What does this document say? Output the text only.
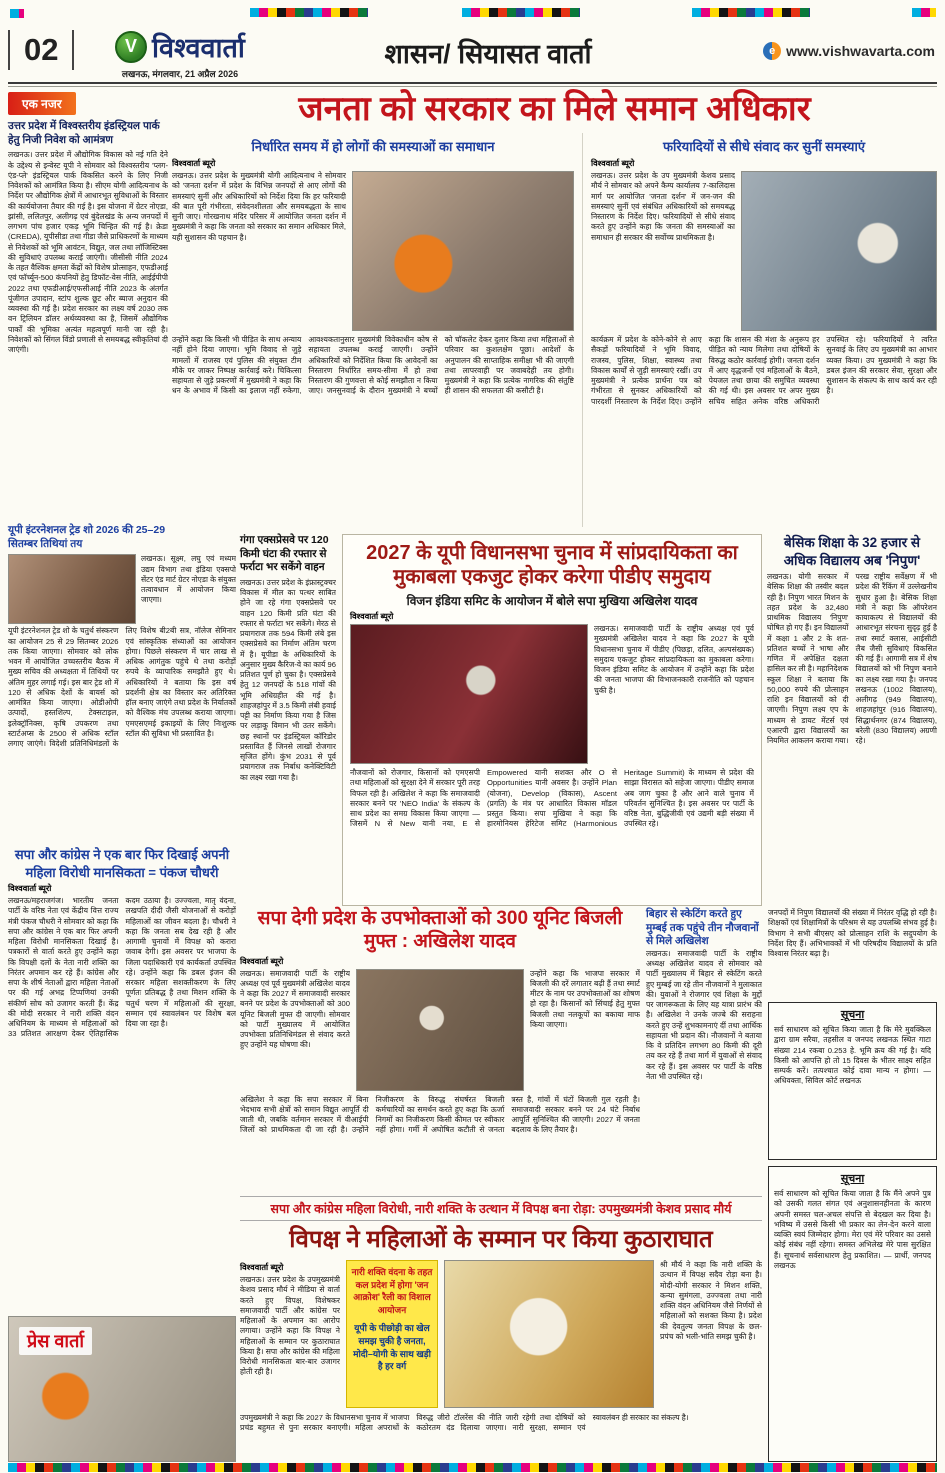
02	V विश्ववार्ता
लखनऊ, मंगलवार, 21 अप्रैल 2026
शासन/ सियासत वार्ता	e www.vishwavarta.com
एक नजर
उत्तर प्रदेश में विश्वस्तरीय इंडस्ट्रियल पार्क हेतु निजी निवेश को आमंत्रण
लखनऊ। उत्तर प्रदेश में औद्योगिक विकास को नई गति देने के उद्देश्य से इन्वेस्ट यूपी ने सोमवार को विश्वस्तरीय 'प्लग-एंड-प्ले' इंडस्ट्रियल पार्क विकसित करने के लिए निजी निवेशकों को आमंत्रित किया है। सीएम योगी आदित्यनाथ के निर्देश पर औद्योगिक क्षेत्रों में आधारभूत सुविधाओं के विस्तार की कार्ययोजना तैयार की गई है। इस योजना में ग्रेटर नोएडा, झांसी, ललितपुर, अलीगढ़ एवं बुंदेलखंड के अन्य जनपदों में लगभग पांच हजार एकड़ भूमि चिन्हित की गई है। क्रेडा (CREDA), यूपीसीडा तथा गीडा जैसे प्राधिकरणों के माध्यम से निवेशकों को भूमि आवंटन, विद्युत, जल तथा लॉजिस्टिक्स की सुविधाएं उपलब्ध कराई जाएंगी। जीसीसी नीति 2024 के तहत वैश्विक क्षमता केंद्रों को विशेष प्रोत्साहन, एफडीआई एवं फॉर्च्यून-500 कंपनियों हेतु डिफॉट-वेस नीति, आईईपीपी 2022 तथा एफडीआई/एफसीआई नीति 2023 के अंतर्गत पूंजीगत उपादान, स्टांप शुल्क छूट और ब्याज अनुदान की व्यवस्था की गई है। प्रदेश सरकार का लक्ष्य वर्ष 2030 तक वन ट्रिलियन डॉलर अर्थव्यवस्था का है, जिसमें औद्योगिक पार्कों की भूमिका अत्यंत महत्वपूर्ण मानी जा रही है। निवेशकों को सिंगल विंडो प्रणाली से समयबद्ध स्वीकृतियां दी जाएंगी।
यूपी इंटरनेशनल ट्रेड शो 2026 की 25–29 सितम्बर तिथियां तय
लखनऊ। सूक्ष्म, लघु एवं मध्यम उद्यम विभाग तथा इंडिया एक्सपो सेंटर एंड मार्ट ग्रेटर नोएडा के संयुक्त तत्वावधान में आयोजन किया जाएगा।
यूपी इंटरनेशनल ट्रेड शो के चतुर्थ संस्करण का आयोजन 25 से 29 सितम्बर 2026 तक किया जाएगा। सोमवार को लोक भवन में आयोजित उच्चस्तरीय बैठक में मुख्य सचिव की अध्यक्षता में तिथियों पर अंतिम मुहर लगाई गई। इस बार ट्रेड शो में 120 से अधिक देशों के बायर्स को आमंत्रित किया जाएगा। ओडीओपी उत्पादों, हस्तशिल्प, टेक्सटाइल, इलेक्ट्रॉनिक्स, कृषि उपकरण तथा स्टार्टअप्स के 2500 से अधिक स्टॉल लगाए जाएंगे। विदेशी प्रतिनिधिमंडलों के लिए विशेष बी2बी सत्र, नॉलेज सेमिनार एवं सांस्कृतिक संध्याओं का आयोजन होगा। पिछले संस्करण में चार लाख से अधिक आगंतुक पहुंचे थे तथा करोड़ों रुपये के व्यापारिक समझौते हुए थे। अधिकारियों ने बताया कि इस वर्ष प्रदर्शनी क्षेत्र का विस्तार कर अतिरिक्त हॉल बनाए जाएंगे तथा प्रदेश के निर्यातकों को वैश्विक मंच उपलब्ध कराया जाएगा। एमएसएमई इकाइयों के लिए निःशुल्क स्टॉल की सुविधा भी प्रस्तावित है।
जनता को सरकार का मिले समान अधिकार
निर्धारित समय में हो लोगों की समस्याओं का समाधान
विश्ववार्ता ब्यूरो
लखनऊ। उत्तर प्रदेश के मुख्यमंत्री योगी आदित्यनाथ ने सोमवार को 'जनता दर्शन' में प्रदेश के विभिन्न जनपदों से आए लोगों की समस्याएं सुनीं और अधिकारियों को निर्देश दिया कि हर फरियादी की बात पूरी गंभीरता, संवेदनशीलता और समयबद्धता के साथ सुनी जाए। गोरखनाथ मंदिर परिसर में आयोजित जनता दर्शन में मुख्यमंत्री ने कहा कि जनता को सरकार का समान अधिकार मिले, यही सुशासन की पहचान है।
उन्होंने कहा कि किसी भी पीड़ित के साथ अन्याय नहीं होने दिया जाएगा। भूमि विवाद से जुड़े मामलों में राजस्व एवं पुलिस की संयुक्त टीम मौके पर जाकर निष्पक्ष कार्रवाई करे। चिकित्सा सहायता से जुड़े प्रकरणों में मुख्यमंत्री ने कहा कि धन के अभाव में किसी का इलाज नहीं रुकेगा, आवश्यकतानुसार मुख्यमंत्री विवेकाधीन कोष से सहायता उपलब्ध कराई जाएगी। उन्होंने अधिकारियों को निर्देशित किया कि आवेदनों का निस्तारण निर्धारित समय-सीमा में हो तथा निस्तारण की गुणवत्ता से कोई समझौता न किया जाए। जनसुनवाई के दौरान मुख्यमंत्री ने बच्चों को चॉकलेट देकर दुलार किया तथा महिलाओं से परिवार का कुशलक्षेम पूछा। आदेशों के अनुपालन की साप्ताहिक समीक्षा भी की जाएगी तथा लापरवाही पर जवाबदेही तय होगी। मुख्यमंत्री ने कहा कि प्रत्येक नागरिक की संतुष्टि ही शासन की सफलता की कसौटी है।
फरियादियों से सीधे संवाद कर सुनीं समस्याएं
विश्ववार्ता ब्यूरो
लखनऊ। उत्तर प्रदेश के उप मुख्यमंत्री केशव प्रसाद मौर्य ने सोमवार को अपने कैम्प कार्यालय 7-कालिदास मार्ग पर आयोजित 'जनता दर्शन' में जन-जन की समस्याएं सुनीं एवं संबंधित अधिकारियों को समयबद्ध निस्तारण के निर्देश दिए। फरियादियों से सीधे संवाद करते हुए उन्होंने कहा कि जनता की समस्याओं का समाधान ही सरकार की सर्वोच्च प्राथमिकता है।
कार्यक्रम में प्रदेश के कोने-कोने से आए सैकड़ों फरियादियों ने भूमि विवाद, राजस्व, पुलिस, शिक्षा, स्वास्थ्य तथा विकास कार्यों से जुड़ी समस्याएं रखीं। उप मुख्यमंत्री ने प्रत्येक प्रार्थना पत्र को गंभीरता से सुनकर अधिकारियों को पारदर्शी निस्तारण के निर्देश दिए। उन्होंने कहा कि शासन की मंशा के अनुरूप हर पीड़ित को न्याय मिलेगा तथा दोषियों के विरुद्ध कठोर कार्रवाई होगी। जनता दर्शन में आए वृद्धजनों एवं महिलाओं के बैठने, पेयजल तथा छाया की समुचित व्यवस्था की गई थी। इस अवसर पर अपर मुख्य सचिव सहित अनेक वरिष्ठ अधिकारी उपस्थित रहे। फरियादियों ने त्वरित सुनवाई के लिए उप मुख्यमंत्री का आभार व्यक्त किया। उप मुख्यमंत्री ने कहा कि डबल इंजन की सरकार सेवा, सुरक्षा और सुशासन के संकल्प के साथ कार्य कर रही है।
गंगा एक्सप्रेसवे पर 120 किमी घंटा की रफ्तार से फर्राटा भर सकेंगे वाहन
लखनऊ। उत्तर प्रदेश के इंफ्रास्ट्रक्चर विकास में मील का पत्थर साबित होने जा रहे गंगा एक्सप्रेसवे पर वाहन 120 किमी प्रति घंटा की रफ्तार से फर्राटा भर सकेंगे। मेरठ से प्रयागराज तक 594 किमी लंबे इस एक्सप्रेसवे का निर्माण अंतिम चरण में है। यूपीडा के अधिकारियों के अनुसार मुख्य कैरिज-वे का कार्य 96 प्रतिशत पूर्ण हो चुका है। एक्सप्रेसवे हेतु 12 जनपदों के 518 गांवों की भूमि अधिग्रहीत की गई है। शाहजहांपुर में 3.5 किमी लंबी हवाई पट्टी का निर्माण किया गया है जिस पर लड़ाकू विमान भी उतर सकेंगे। छह स्थानों पर इंडस्ट्रियल कॉरिडोर प्रस्तावित हैं जिनसे लाखों रोजगार सृजित होंगे। कुंभ 2031 से पूर्व प्रयागराज तक निर्बाध कनेक्टिविटी का लक्ष्य रखा गया है।
2027 के यूपी विधानसभा चुनाव में सांप्रदायिकता का मुकाबला एकजुट होकर करेगा पीडीए समुदाय
विजन इंडिया समिट के आयोजन में बोले सपा मुखिया अखिलेश यादव
विश्ववार्ता ब्यूरो
लखनऊ। समाजवादी पार्टी के राष्ट्रीय अध्यक्ष एवं पूर्व मुख्यमंत्री अखिलेश यादव ने कहा कि 2027 के यूपी विधानसभा चुनाव में पीडीए (पिछड़ा, दलित, अल्पसंख्यक) समुदाय एकजुट होकर सांप्रदायिकता का मुकाबला करेगा। विजन इंडिया समिट के आयोजन में उन्होंने कहा कि प्रदेश की जनता भाजपा की विभाजनकारी राजनीति को पहचान चुकी है।
नौजवानों को रोजगार, किसानों को एमएसपी तथा महिलाओं को सुरक्षा देने में सरकार पूरी तरह विफल रही है। अखिलेश ने कहा कि समाजवादी सरकार बनने पर 'NEO India' के संकल्प के साथ प्रदेश का समग्र विकास किया जाएगा — जिसमें N से New यानी नया, E से Empowered यानी सशक्त और O से Opportunities यानी अवसर है। उन्होंने Plan (योजना), Develop (विकास), Ascent (प्रगति) के मंत्र पर आधारित विकास मॉडल प्रस्तुत किया। सपा मुखिया ने कहा कि हारमोनियस हेरिटेज समिट (Harmonious Heritage Summit) के माध्यम से प्रदेश की साझा विरासत को सहेजा जाएगा। पीडीए समाज अब जाग चुका है और आने वाले चुनाव में परिवर्तन सुनिश्चित है। इस अवसर पर पार्टी के वरिष्ठ नेता, बुद्धिजीवी एवं उद्यमी बड़ी संख्या में उपस्थित रहे।
बेसिक शिक्षा के 32 हजार से अधिक विद्यालय अब 'निपुण'
लखनऊ। योगी सरकार में बेसिक शिक्षा की तस्वीर बदल रही है। निपुण भारत मिशन के तहत प्रदेश के 32,480 प्राथमिक विद्यालय 'निपुण' घोषित हो गए हैं। इन विद्यालयों में कक्षा 1 और 2 के शत-प्रतिशत बच्चों ने भाषा और गणित में अपेक्षित दक्षता हासिल कर ली है। महानिदेशक स्कूल शिक्षा ने बताया कि 50,000 रुपये की प्रोत्साहन राशि इन विद्यालयों को दी जाएगी। निपुण लक्ष्य एप के माध्यम से डायट मेंटर्स एवं एआरपी द्वारा विद्यालयों का नियमित आकलन कराया गया। परख राष्ट्रीय सर्वेक्षण में भी प्रदेश की रैंकिंग में उल्लेखनीय सुधार हुआ है। बेसिक शिक्षा मंत्री ने कहा कि ऑपरेशन कायाकल्प से विद्यालयों की आधारभूत संरचना सुदृढ़ हुई है तथा स्मार्ट क्लास, आईसीटी लैब जैसी सुविधाएं विकसित की गई हैं। आगामी सत्र में शेष विद्यालयों को भी निपुण बनाने का लक्ष्य रखा गया है। जनपद लखनऊ (1002 विद्यालय), अलीगढ़ (949 विद्यालय), शाहजहांपुर (916 विद्यालय), सिद्धार्थनगर (874 विद्यालय), बरेली (830 विद्यालय) अग्रणी रहे।
सपा और कांग्रेस ने एक बार फिर दिखाई अपनी महिला विरोधी मानसिकता = पंकज चौधरी
विश्ववार्ता ब्यूरो
लखनऊ/महराजगंज। भारतीय जनता पार्टी के वरिष्ठ नेता एवं केंद्रीय वित्त राज्य मंत्री पंकज चौधरी ने सोमवार को कहा कि सपा और कांग्रेस ने एक बार फिर अपनी महिला विरोधी मानसिकता दिखाई है। पत्रकारों से वार्ता करते हुए उन्होंने कहा कि विपक्षी दलों के नेता नारी शक्ति का निरंतर अपमान कर रहे हैं। कांग्रेस और सपा के शीर्ष नेताओं द्वारा महिला नेताओं पर की गई अभद्र टिप्पणियां उनकी संकीर्ण सोच को उजागर करती हैं। केंद्र की मोदी सरकार ने नारी शक्ति वंदन अधिनियम के माध्यम से महिलाओं को 33 प्रतिशत आरक्षण देकर ऐतिहासिक कदम उठाया है। उज्ज्वला, मातृ वंदना, लखपति दीदी जैसी योजनाओं से करोड़ों महिलाओं का जीवन बदला है। चौधरी ने कहा कि जनता सब देख रही है और आगामी चुनावों में विपक्ष को करारा जवाब देगी। इस अवसर पर भाजपा के जिला पदाधिकारी एवं कार्यकर्ता उपस्थित रहे। उन्होंने कहा कि डबल इंजन की सरकार महिला सशक्तीकरण के लिए पूर्णतः प्रतिबद्ध है तथा मिशन शक्ति के चतुर्थ चरण में महिलाओं की सुरक्षा, सम्मान एवं स्वावलंबन पर विशेष बल दिया जा रहा है।
प्रेस वार्ता
सपा देगी प्रदेश के उपभोक्ताओं को 300 यूनिट बिजली मुफ्त : अखिलेश यादव
विश्ववार्ता ब्यूरो
लखनऊ। समाजवादी पार्टी के राष्ट्रीय अध्यक्ष एवं पूर्व मुख्यमंत्री अखिलेश यादव ने कहा कि 2027 में समाजवादी सरकार बनने पर प्रदेश के उपभोक्ताओं को 300 यूनिट बिजली मुफ्त दी जाएगी। सोमवार को पार्टी मुख्यालय में आयोजित उपभोक्ता प्रतिनिधिमंडल से संवाद करते हुए उन्होंने यह घोषणा की।
उन्होंने कहा कि भाजपा सरकार में बिजली की दरें लगातार बढ़ी हैं तथा स्मार्ट मीटर के नाम पर उपभोक्ताओं का शोषण हो रहा है। किसानों को सिंचाई हेतु मुफ्त बिजली तथा नलकूपों का बकाया माफ किया जाएगा।
अखिलेश ने कहा कि सपा सरकार में बिना भेदभाव सभी क्षेत्रों को समान विद्युत आपूर्ति दी जाती थी, जबकि वर्तमान सरकार में वीआईपी जिलों को प्राथमिकता दी जा रही है। उन्होंने निजीकरण के विरुद्ध संघर्षरत बिजली कर्मचारियों का समर्थन करते हुए कहा कि ऊर्जा निगमों का निजीकरण किसी कीमत पर स्वीकार नहीं होगा। गर्मी में अघोषित कटौती से जनता त्रस्त है, गांवों में घंटों बिजली गुल रहती है। समाजवादी सरकार बनने पर 24 घंटे निर्बाध आपूर्ति सुनिश्चित की जाएगी। 2027 में जनता बदलाव के लिए तैयार है।
बिहार से स्केटिंग करते हुए मुम्बई तक पहुंचे तीन नौजवानों से मिले अखिलेश
लखनऊ। समाजवादी पार्टी के राष्ट्रीय अध्यक्ष अखिलेश यादव से सोमवार को पार्टी मुख्यालय में बिहार से स्केटिंग करते हुए मुम्बई जा रहे तीन नौजवानों ने मुलाकात की। युवाओं ने रोजगार एवं शिक्षा के मुद्दों पर जागरूकता के लिए यह यात्रा प्रारंभ की है। अखिलेश ने उनके जज्बे की सराहना करते हुए उन्हें शुभकामनाएं दीं तथा आर्थिक सहायता भी प्रदान की। नौजवानों ने बताया कि वे प्रतिदिन लगभग 80 किमी की दूरी तय कर रहे हैं तथा मार्ग में युवाओं से संवाद कर रहे हैं। इस अवसर पर पार्टी के वरिष्ठ नेता भी उपस्थित रहे।
जनपदों में निपुण विद्यालयों की संख्या में निरंतर वृद्धि हो रही है। शिक्षकों एवं शिक्षामित्रों के परिश्रम से यह उपलब्धि संभव हुई है। विभाग ने सभी बीएसए को प्रोत्साहन राशि के सदुपयोग के निर्देश दिए हैं। अभिभावकों में भी परिषदीय विद्यालयों के प्रति विश्वास निरंतर बढ़ा है।
सूचना
सर्व साधारण को सूचित किया जाता है कि मेरे मुवक्किल द्वारा ग्राम सरैया, तहसील व जनपद लखनऊ स्थित गाटा संख्या 214 रकबा 0.253 हे. भूमि क्रय की गई है। यदि किसी को आपत्ति हो तो 15 दिवस के भीतर साक्ष्य सहित सम्पर्क करें। तत्पश्चात कोई दावा मान्य न होगा। — अधिवक्ता, सिविल कोर्ट लखनऊ
सूचना
सर्व साधारण को सूचित किया जाता है कि मैंने अपने पुत्र को उसकी गलत संगत एवं अनुशासनहीनता के कारण अपनी समस्त चल-अचल संपत्ति से बेदखल कर दिया है। भविष्य में उससे किसी भी प्रकार का लेन-देन करने वाला व्यक्ति स्वयं जिम्मेदार होगा। मेरा एवं मेरे परिवार का उससे कोई संबंध नहीं रहेगा। समस्त अभिलेख मेरे पास सुरक्षित हैं। सूचनार्थ सर्वसाधारण हेतु प्रकाशित। — प्रार्थी, जनपद लखनऊ
सपा और कांग्रेस महिला विरोधी, नारी शक्ति के उत्थान में विपक्ष बना रोड़ा: उपमुख्यमंत्री केशव प्रसाद मौर्य
विपक्ष ने महिलाओं के सम्मान पर किया कुठाराघात
विश्ववार्ता ब्यूरो
लखनऊ। उत्तर प्रदेश के उपमुख्यमंत्री केशव प्रसाद मौर्य ने मीडिया से वार्ता करते हुए विपक्ष, विशेषकर समाजवादी पार्टी और कांग्रेस पर महिलाओं के अपमान का आरोप लगाया। उन्होंने कहा कि विपक्ष ने महिलाओं के सम्मान पर कुठाराघात किया है। सपा और कांग्रेस की महिला विरोधी मानसिकता बार-बार उजागर होती रही है।

नारी शक्ति वंदना के तहत कल प्रदेश में होगा 'जन आक्रोश' रैली का विशाल आयोजन

यूपी के पीछोड़ी का खेल समझ चुकी है जनता, मोदी–योगी के साथ खड़ी है हर वर्ग

श्री मौर्य ने कहा कि नारी शक्ति के उत्थान में विपक्ष सदैव रोड़ा बना है। मोदी-योगी सरकार ने मिशन शक्ति, कन्या सुमंगला, उज्ज्वला तथा नारी शक्ति वंदन अधिनियम जैसे निर्णयों से महिलाओं को सशक्त किया है। प्रदेश की देवतुल्य जनता विपक्ष के छल-प्रपंच को भली-भांति समझ चुकी है।
उपमुख्यमंत्री ने कहा कि 2027 के विधानसभा चुनाव में भाजपा प्रचंड बहुमत से पुनः सरकार बनाएगी। महिला अपराधों के विरुद्ध जीरो टॉलरेंस की नीति जारी रहेगी तथा दोषियों को कठोरतम दंड दिलाया जाएगा। नारी सुरक्षा, सम्मान एवं स्वावलंबन ही सरकार का संकल्प है।
